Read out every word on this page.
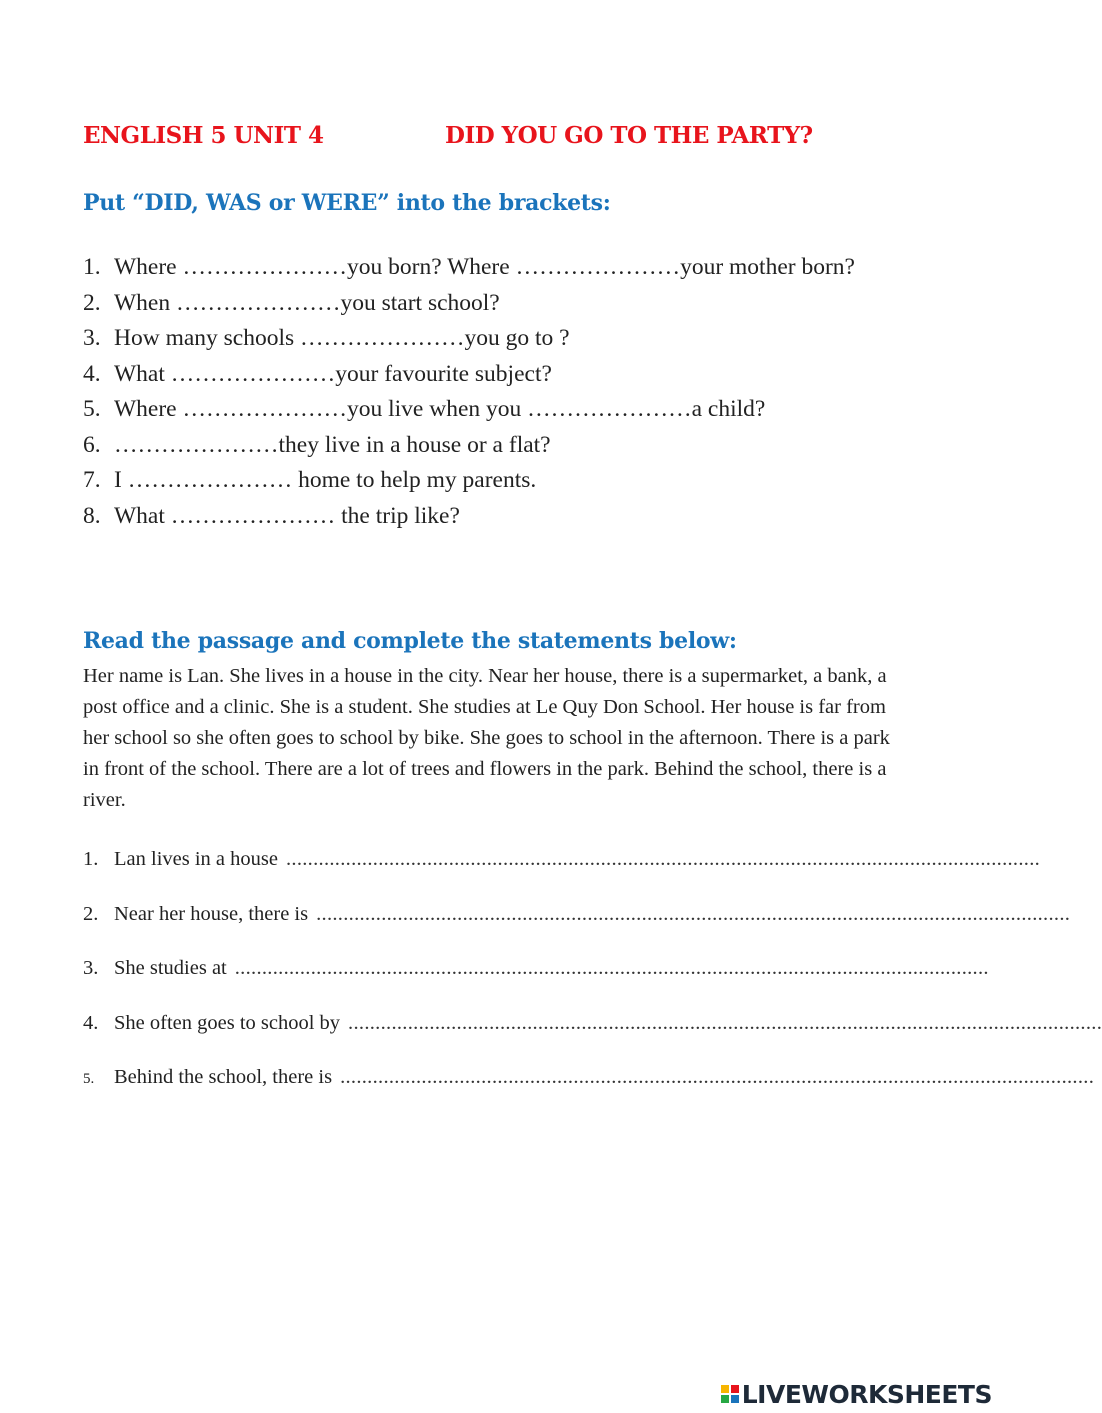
ENGLISH 5 UNIT 4	DID YOU GO TO THE PARTY?
Put “DID, WAS or WERE” into the brackets:
1. Where …………………you born? Where …………………your mother born?
2. When …………………you start school?
3. How many schools …………………you go to ?
4. What …………………your favourite subject?
5. Where …………………you live when you …………………a child?
6. …………………they live in a house or a flat?
7. I ………………… home to help my parents.
8. What ………………… the trip like?
Read the passage and complete the statements below:

Her name is Lan. She lives in a house in the city. Near her house, there is a supermarket, a bank, a post office and a clinic. She is a student. She studies at Le Quy Don School. Her house is far from her school so she often goes to school by bike. She goes to school in the afternoon. There is a park in front of the school. There are a lot of trees and flowers in the park. Behind the school, there is a river.

1. Lan lives in a house ...........................................................................................................................................
2. Near her house, there is ...........................................................................................................................................
3. She studies at ...........................................................................................................................................
4. She often goes to school by ...........................................................................................................................................
5. Behind the school, there is ...........................................................................................................................................
LIVEWORKSHEETS
